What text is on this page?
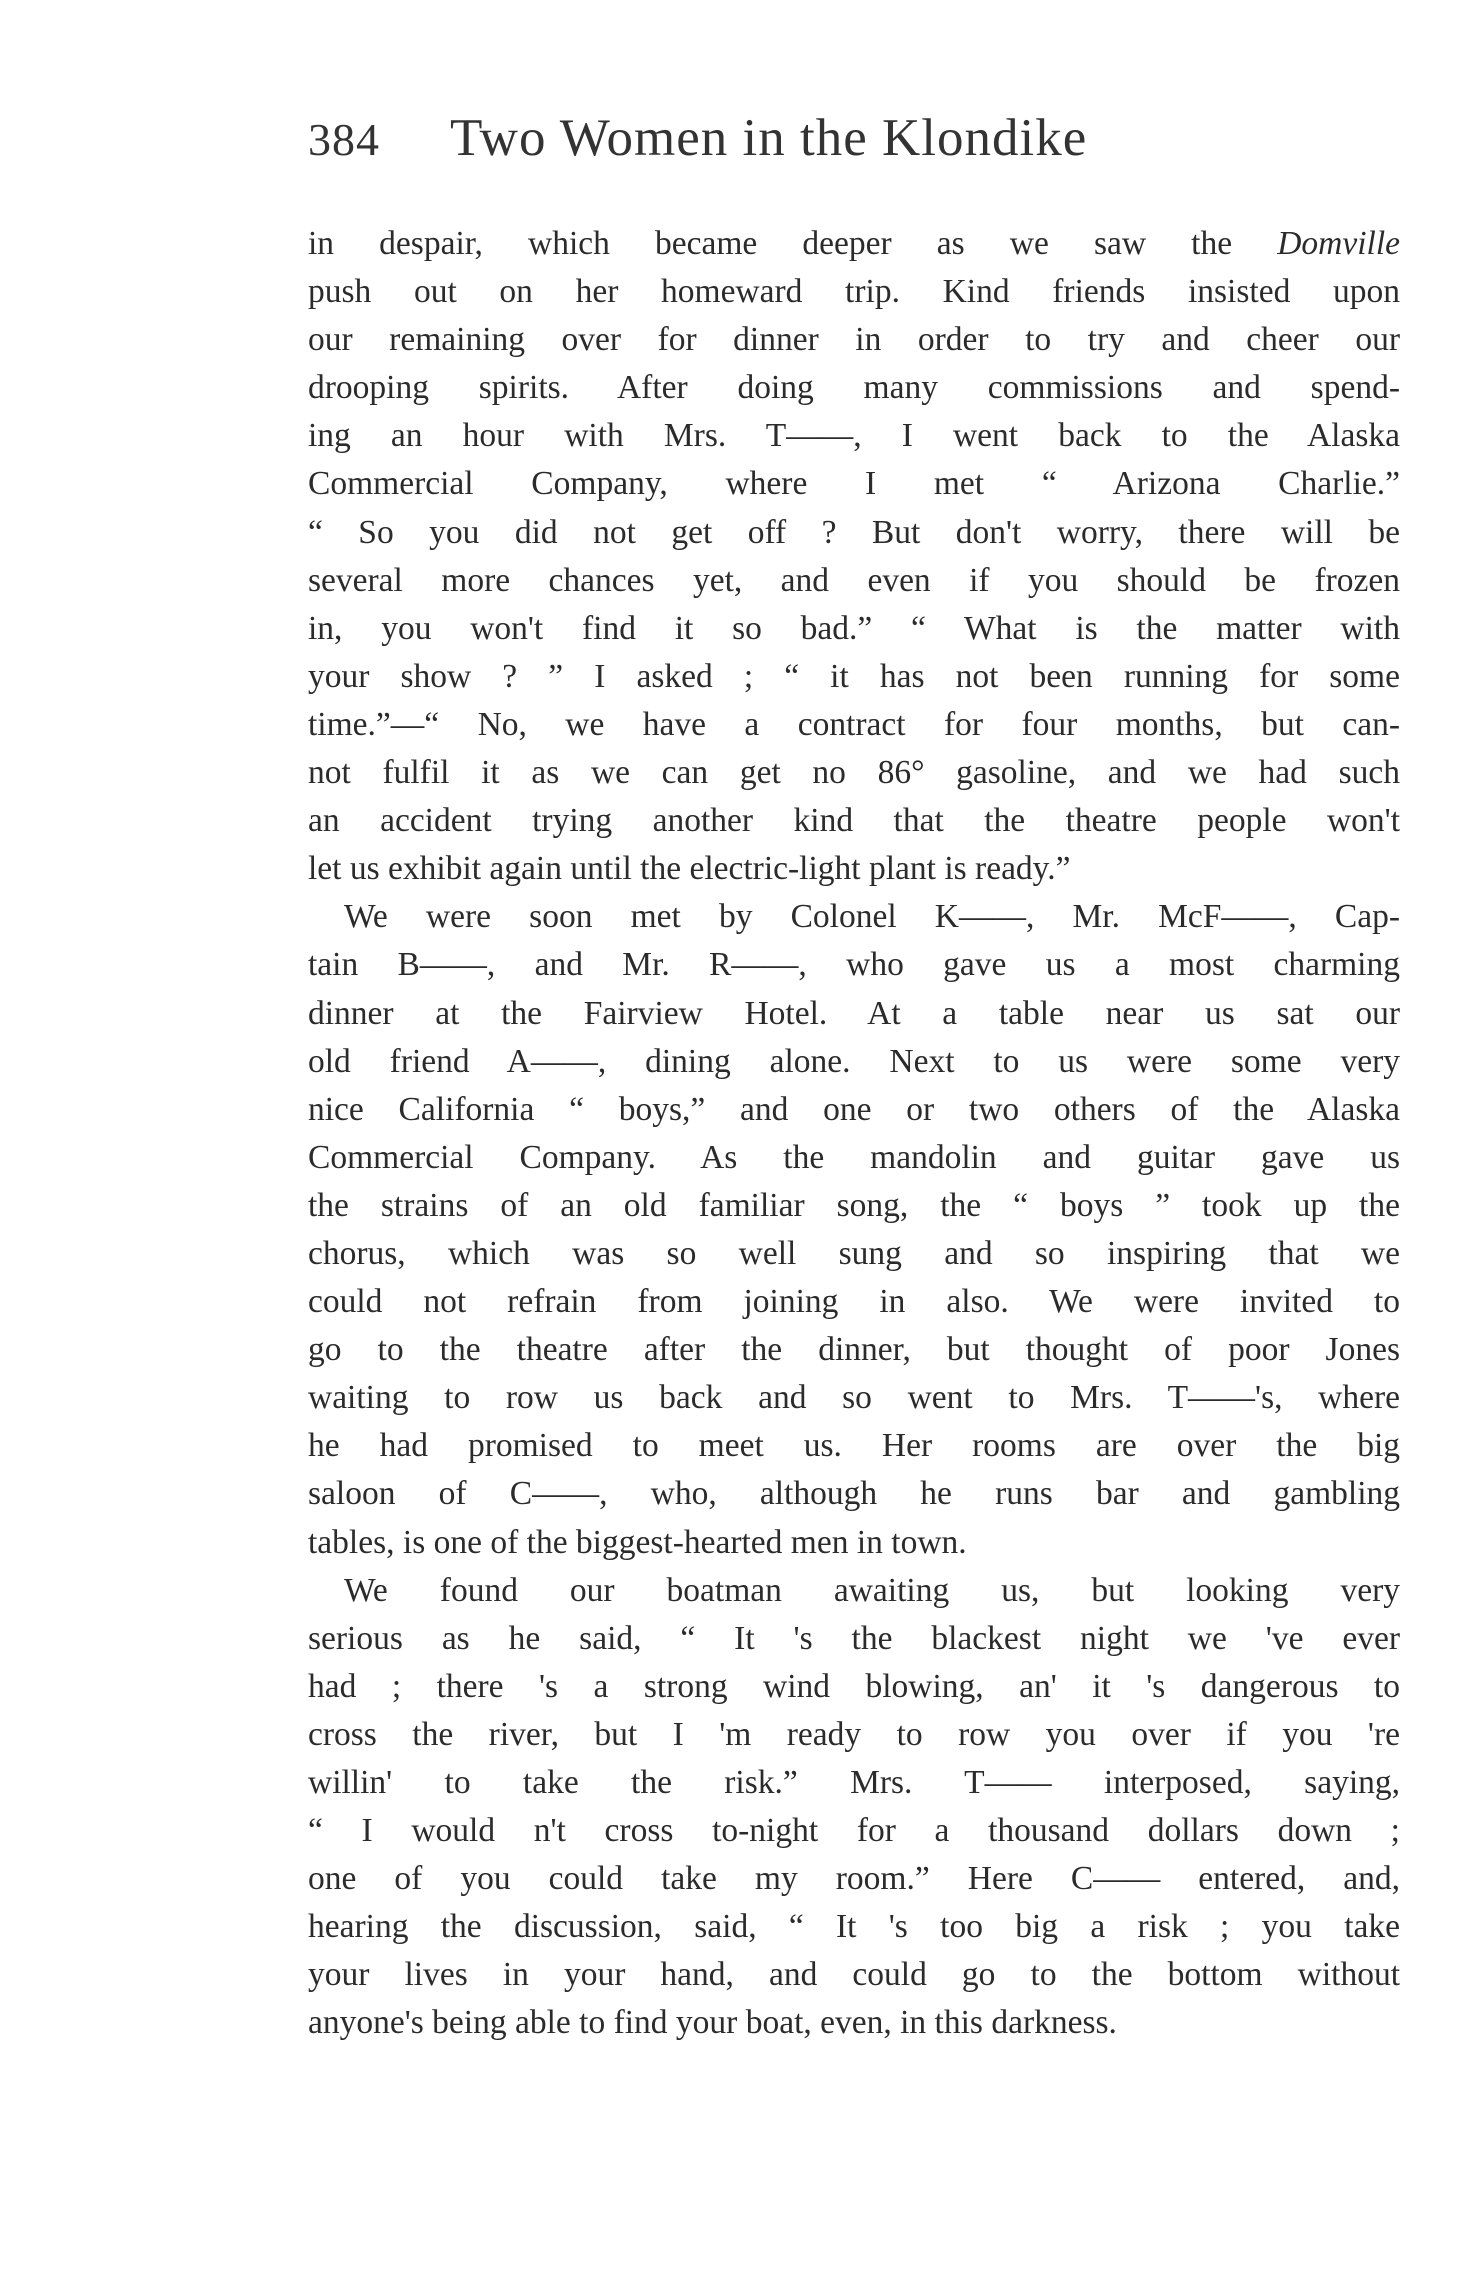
384 Two Women in the Klondike
in despair, which became deeper as we saw the Domville
push out on her homeward trip. Kind friends insisted upon
our remaining over for dinner in order to try and cheer our
drooping spirits. After doing many commissions and spend-
ing an hour with Mrs. T——, I went back to the Alaska
Commercial Company, where I met “ Arizona Charlie.”
“ So you did not get off ? But don't worry, there will be
several more chances yet, and even if you should be frozen
in, you won't find it so bad.” “ What is the matter with
your show ? ” I asked ; “ it has not been running for some
time.”—“ No, we have a contract for four months, but can-
not fulfil it as we can get no 86° gasoline, and we had such
an accident trying another kind that the theatre people won't
let us exhibit again until the electric-light plant is ready.”
We were soon met by Colonel K——, Mr. McF——, Cap-
tain B——, and Mr. R——, who gave us a most charming
dinner at the Fairview Hotel. At a table near us sat our
old friend A——, dining alone. Next to us were some very
nice California “ boys,” and one or two others of the Alaska
Commercial Company. As the mandolin and guitar gave us
the strains of an old familiar song, the “ boys ” took up the
chorus, which was so well sung and so inspiring that we
could not refrain from joining in also. We were invited to
go to the theatre after the dinner, but thought of poor Jones
waiting to row us back and so went to Mrs. T——'s, where
he had promised to meet us. Her rooms are over the big
saloon of C——, who, although he runs bar and gambling
tables, is one of the biggest-hearted men in town.
We found our boatman awaiting us, but looking very
serious as he said, “ It 's the blackest night we 've ever
had ; there 's a strong wind blowing, an' it 's dangerous to
cross the river, but I 'm ready to row you over if you 're
willin' to take the risk.” Mrs. T—— interposed, saying,
“ I would n't cross to-night for a thousand dollars down ;
one of you could take my room.” Here C—— entered, and,
hearing the discussion, said, “ It 's too big a risk ; you take
your lives in your hand, and could go to the bottom without
anyone's being able to find your boat, even, in this darkness.
